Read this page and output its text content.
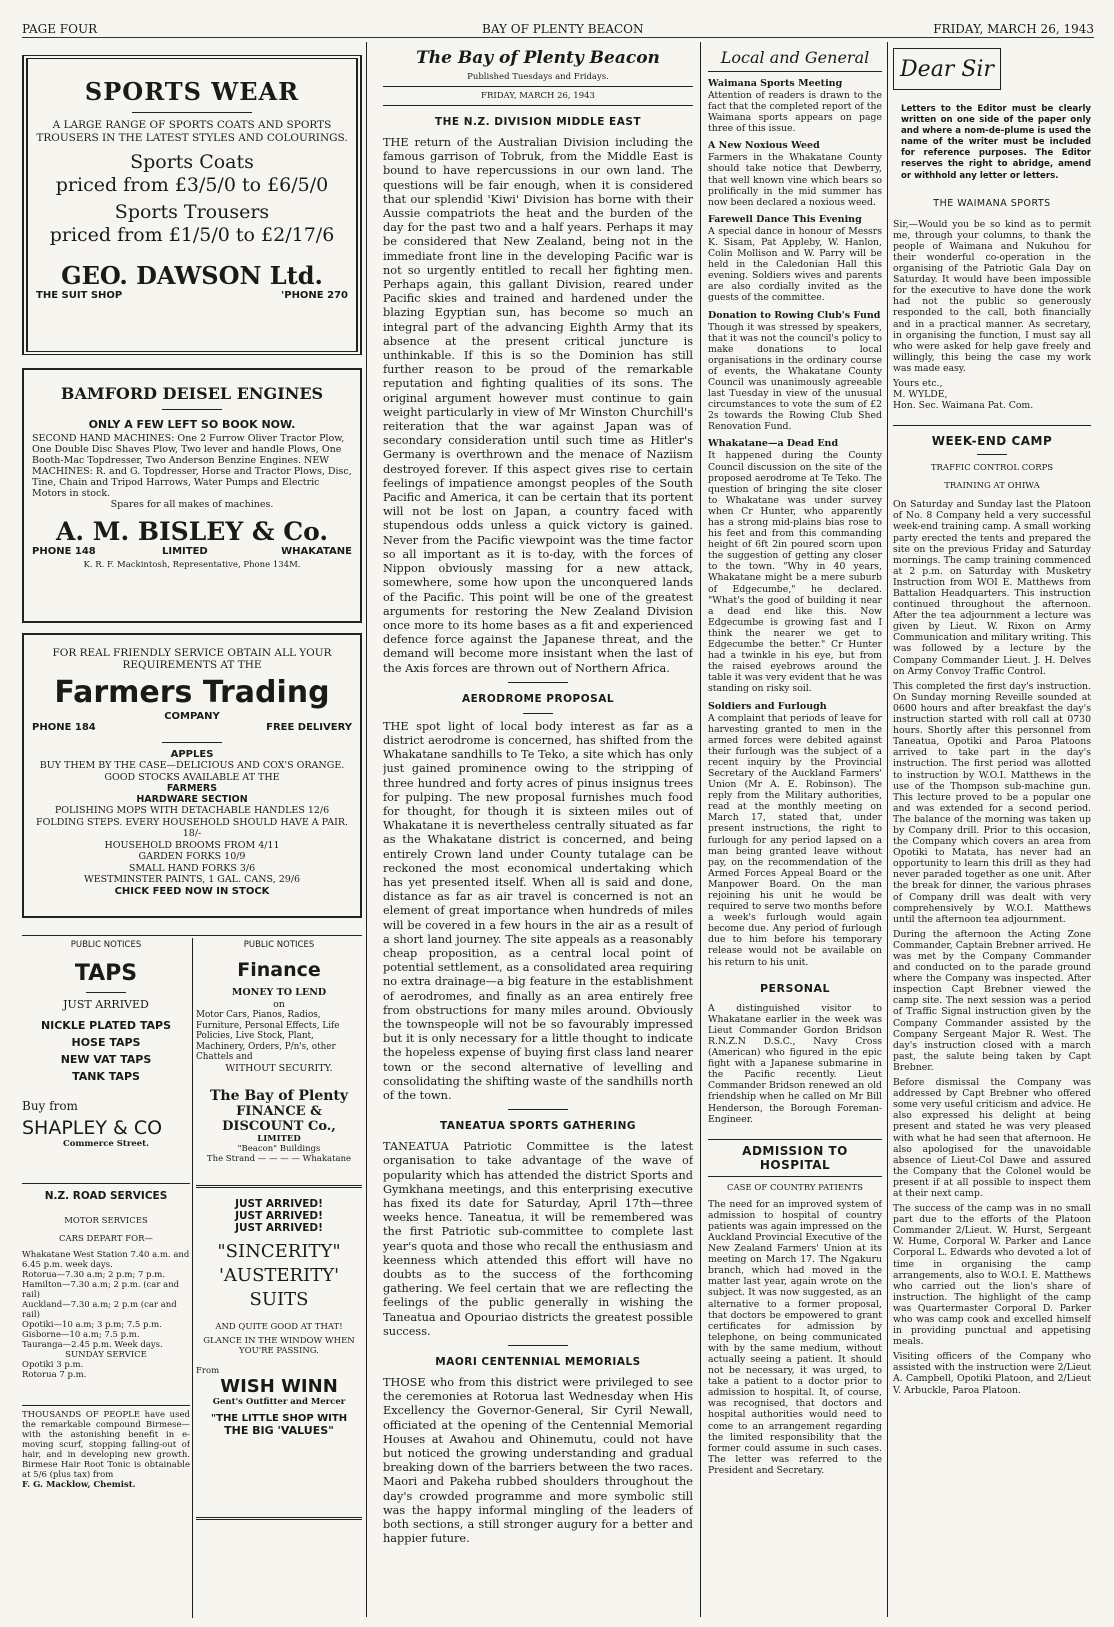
PAGE FOUR	BAY OF PLENTY BEACON	FRIDAY, MARCH 26, 1943
SPORTS WEAR
A LARGE RANGE OF SPORTS COATS AND SPORTS TROUSERS IN THE LATEST STYLES AND COLOURINGS.
Sports Coats
priced from £3/5/0 to £6/5/0
Sports Trousers
priced from £1/5/0 to £2/17/6
GEO. DAWSON Ltd.
THE SUIT SHOP	'PHONE 270
BAMFORD DEISEL ENGINES
ONLY A FEW LEFT SO BOOK NOW.
SECOND HAND MACHINES: One 2 Furrow Oliver Tractor Plow, One Double Disc Shaves Plow, Two lever and handle Plows, One Booth-Mac Topdresser, Two Anderson Benzine Engines. NEW MACHINES: R. and G. Topdresser, Horse and Tractor Plows, Disc, Tine, Chain and Tripod Harrows, Water Pumps and Electric Motors in stock.
Spares for all makes of machines.
A. M. BISLEY & Co.
PHONE 148	LIMITED	WHAKATANE
K. R. F. Mackintosh, Representative, Phone 134M.
FOR REAL FRIENDLY SERVICE OBTAIN ALL YOUR REQUIREMENTS AT THE
Farmers Trading
COMPANY
PHONE 184	FREE DELIVERY
APPLES
BUY THEM BY THE CASE—DELICIOUS AND COX'S ORANGE. GOOD STOCKS AVAILABLE AT THE
FARMERS
HARDWARE SECTION
POLISHING MOPS WITH DETACHABLE HANDLES 12/6
FOLDING STEPS. EVERY HOUSEHOLD SHOULD HAVE A PAIR. 18/-
HOUSEHOLD BROOMS FROM 4/11
GARDEN FORKS 10/9
SMALL HAND FORKS 3/6
WESTMINSTER PAINTS, 1 GAL. CANS, 29/6
CHICK FEED NOW IN STOCK
PUBLIC NOTICES	PUBLIC NOTICES
TAPS
JUST ARRIVED
NICKLE PLATED TAPS
HOSE TAPS
NEW VAT TAPS
TANK TAPS
Buy from
SHAPLEY & CO
Commerce Street.
Finance
MONEY TO LEND
on
Motor Cars, Pianos, Radios, Furniture, Personal Effects, Life Policies, Live Stock, Plant, Machinery, Orders, P/n's, other Chattels and
WITHOUT SECURITY.
The Bay of Plenty
FINANCE & DISCOUNT Co.,
LIMITED
"Beacon" Buildings
The Strand — — — — Whakatane
N.Z. ROAD SERVICES
MOTOR SERVICES
CARS DEPART FOR—
Whakatane West Station 7.40 a.m. and 6.45 p.m. week days.
Rotorua—7.30 a.m; 2 p.m; 7 p.m.
Hamilton—7.30 a.m; 2 p.m. (car and rail)
Auckland—7.30 a.m; 2 p.m (car and rail)
Opotiki—10 a.m; 3 p.m; 7.5 p.m.
Gisborne—10 a.m; 7.5 p.m.
Tauranga—2.45 p.m. Week days.
SUNDAY SERVICE
Opotiki 3 p.m.
Rotorua 7 p.m.
THOUSANDS OF PEOPLE have used the remarkable compound Birmese—with the astonishing benefit in e-moving scurf, stopping falling-out of hair, and in developing new growth. Birmese Hair Root Tonic is obtainable at 5/6 (plus tax) from
F. G. Macklow, Chemist.
JUST ARRIVED!
JUST ARRIVED!
JUST ARRIVED!
"SINCERITY"
'AUSTERITY'
SUITS
AND QUITE GOOD AT THAT!
GLANCE IN THE WINDOW WHEN YOU'RE PASSING.
From
WISH WINN
Gent's Outfitter and Mercer
"THE LITTLE SHOP WITH
THE BIG 'VALUES"
The Bay of Plenty Beacon
Published Tuesdays and Fridays.
FRIDAY, MARCH 26, 1943
THE N.Z. DIVISION MIDDLE EAST

THE return of the Australian Division including the famous garrison of Tobruk, from the Middle East is bound to have repercussions in our own land. The questions will be fair enough, when it is considered that our splendid 'Kiwi' Division has borne with their Aussie compatriots the heat and the burden of the day for the past two and a half years. Perhaps it may be considered that New Zealand, being not in the immediate front line in the developing Pacific war is not so urgently entitled to recall her fighting men. Perhaps again, this gallant Division, reared under Pacific skies and trained and hardened under the blazing Egyptian sun, has become so much an integral part of the advancing Eighth Army that its absence at the present critical juncture is unthinkable. If this is so the Dominion has still further reason to be proud of the remarkable reputation and fighting qualities of its sons. The original argument however must continue to gain weight particularly in view of Mr Winston Churchill's reiteration that the war against Japan was of secondary consideration until such time as Hitler's Germany is overthrown and the menace of Naziism destroyed forever. If this aspect gives rise to certain feelings of impatience amongst peoples of the South Pacific and America, it can be certain that its portent will not be lost on Japan, a country faced with stupendous odds unless a quick victory is gained. Never from the Pacific viewpoint was the time factor so all important as it is to-day, with the forces of Nippon obviously massing for a new attack, somewhere, some how upon the unconquered lands of the Pacific. This point will be one of the greatest arguments for restoring the New Zealand Division once more to its home bases as a fit and experienced defence force against the Japanese threat, and the demand will become more insistant when the last of the Axis forces are thrown out of Northern Africa.

AERODROME PROPOSAL

THE spot light of local body interest as far as a district aerodrome is concerned, has shifted from the Whakatane sandhills to Te Teko, a site which has only just gained prominence owing to the stripping of three hundred and forty acres of pinus insignus trees for pulping. The new proposal furnishes much food for thought, for though it is sixteen miles out of Whakatane it is nevertheless centrally situated as far as the Whakatane district is concerned, and being entirely Crown land under County tutalage can be reckoned the most economical undertaking which has yet presented itself. When all is said and done, distance as far as air travel is concerned is not an element of great importance when hundreds of miles will be covered in a few hours in the air as a result of a short land journey. The site appeals as a reasonably cheap proposition, as a central local point of potential settlement, as a consolidated area requiring no extra drainage—a big feature in the establishment of aerodromes, and finally as an area entirely free from obstructions for many miles around. Obviously the townspeople will not be so favourably impressed but it is only necessary for a little thought to indicate the hopeless expense of buying first class land nearer town or the second alternative of levelling and consolidating the shifting waste of the sandhills north of the town.

TANEATUA SPORTS GATHERING

TANEATUA Patriotic Committee is the latest organisation to take advantage of the wave of popularity which has attended the district Sports and Gymkhana meetings, and this enterprising executive has fixed its date for Saturday, April 17th—three weeks hence. Taneatua, it will be remembered was the first Patriotic sub-committee to complete last year's quota and those who recall the enthusiasm and keenness which attended this effort will have no doubts as to the success of the forthcoming gathering. We feel certain that we are reflecting the feelings of the public generally in wishing the Taneatua and Opouriao districts the greatest possible success.

MAORI CENTENNIAL MEMORIALS

THOSE who from this district were privileged to see the ceremonies at Rotorua last Wednesday when His Excellency the Governor-General, Sir Cyril Newall, officiated at the opening of the Centennial Memorial Houses at Awahou and Ohinemutu, could not have but noticed the growing understanding and gradual breaking down of the barriers between the two races. Maori and Pakeha rubbed shoulders throughout the day's crowded programme and more symbolic still was the happy informal mingling of the leaders of both sections, a still stronger augury for a better and happier future.

Local and General
Waimana Sports Meeting

Attention of readers is drawn to the fact that the completed report of the Waimana sports appears on page three of this issue.

A New Noxious Weed

Farmers in the Whakatane County should take notice that Dewberry, that well known vine which bears so prolifically in the mid summer has now been declared a noxious weed.

Farewell Dance This Evening

A special dance in honour of Messrs K. Sisam, Pat Appleby, W. Hanlon, Colin Mollison and W. Parry will be held in the Caledonian Hall this evening. Soldiers wives and parents are also cordially invited as the guests of the committee.

Donation to Rowing Club's Fund

Though it was stressed by speakers, that it was not the council's policy to make donations to local organisations in the ordinary course of events, the Whakatane County Council was unanimously agreeable last Tuesday in view of the unusual circumstances to vote the sum of £2 2s towards the Rowing Club Shed Renovation Fund.

Whakatane—a Dead End

It happened during the County Council discussion on the site of the proposed aerodrome at Te Teko. The question of bringing the site closer to Whakatane was under survey when Cr Hunter, who apparently has a strong mid-plains bias rose to his feet and from this commanding height of 6ft 2in poured scorn upon the suggestion of getting any closer to the town. "Why in 40 years, Whakatane might be a mere suburb of Edgecumbe," he declared. "What's the good of building it near a dead end like this. Now Edgecumbe is growing fast and I think the nearer we get to Edgecumbe the better." Cr Hunter had a twinkle in his eye, but from the raised eyebrows around the table it was very evident that he was standing on risky soil.

Soldiers and Furlough

A complaint that periods of leave for harvesting granted to men in the armed forces were debited against their furlough was the subject of a recent inquiry by the Provincial Secretary of the Auckland Farmers' Union (Mr A. E. Robinson). The reply from the Military authorities, read at the monthly meeting on March 17, stated that, under present instructions, the right to furlough for any period lapsed on a man being granted leave without pay, on the recommendation of the Armed Forces Appeal Board or the Manpower Board. On the man rejoining his unit he would be required to serve two months before a week's furlough would again become due. Any period of furlough due to him before his temporary release would not be available on his return to his unit.

PERSONAL

A distinguished visitor to Whakatane earlier in the week was Lieut Commander Gordon Bridson R.N.Z.N D.S.C., Navy Cross (American) who figured in the epic fight with a Japanese submarine in the Pacific recently. Lieut Commander Bridson renewed an old friendship when he called on Mr Bill Henderson, the Borough Foreman-Engineer.

ADMISSION TO HOSPITAL
CASE OF COUNTRY PATIENTS

The need for an improved system of admission to hospital of country patients was again impressed on the Auckland Provincial Executive of the New Zealand Farmers' Union at its meeting on March 17. The Ngakuru branch, which had moved in the matter last year, again wrote on the subject. It was now suggested, as an alternative to a former proposal, that doctors be empowered to grant certificates for admission by telephone, on being communicated with by the same medium, without actually seeing a patient. It should not be necessary, it was urged, to take a patient to a doctor prior to admission to hospital. It, of course, was recognised, that doctors and hospital authorities would need to come to an arrangement regarding the limited responsibility that the former could assume in such cases. The letter was referred to the President and Secretary.

Dear Sir

Letters to the Editor must be clearly written on one side of the paper only and where a nom-de-plume is used the name of the writer must be included for reference purposes. The Editor reserves the right to abridge, amend or withhold any letter or letters.

THE WAIMANA SPORTS

Sir,—Would you be so kind as to permit me, through your columns, to thank the people of Waimana and Nukuhou for their wonderful co-operation in the organising of the Patriotic Gala Day on Saturday. It would have been impossible for the executive to have done the work had not the public so generously responded to the call, both financially and in a practical manner. As secretary, in organising the function, I must say all who were asked for help gave freely and willingly, this being the case my work was made easy.

Yours etc.,
M. WYLDE,
Hon. Sec. Waimana Pat. Com.
WEEK-END CAMP
TRAFFIC CONTROL CORPS
TRAINING AT OHIWA

On Saturday and Sunday last the Platoon of No. 8 Company held a very successful week-end training camp. A small working party erected the tents and prepared the site on the previous Friday and Saturday mornings. The camp training commenced at 2 p.m. on Saturday with Musketry Instruction from WOI E. Matthews from Battalion Headquarters. This instruction continued throughout the afternoon. After the tea adjournment a lecture was given by Lieut. W. Rixon on Army Communication and military writing. This was followed by a lecture by the Company Commander Lieut. J. H. Delves on Army Convoy Traffic Control.

This completed the first day's instruction. On Sunday morning Reveille sounded at 0600 hours and after breakfast the day's instruction started with roll call at 0730 hours. Shortly after this personnel from Taneatua, Opotiki and Paroa Platoons arrived to take part in the day's instruction. The first period was allotted to instruction by W.O.I. Matthews in the use of the Thompson sub-machine gun. This lecture proved to be a popular one and was extended for a second period. The balance of the morning was taken up by Company drill. Prior to this occasion, the Company which covers an area from Opotiki to Matata, has never had an opportunity to learn this drill as they had never paraded together as one unit. After the break for dinner, the various phrases of Company drill was dealt with very comprehensively by W.O.I. Matthews until the afternoon tea adjournment.

During the afternoon the Acting Zone Commander, Captain Brebner arrived. He was met by the Company Commander and conducted on to the parade ground where the Company was inspected. After inspection Capt Brebner viewed the camp site. The next session was a period of Traffic Signal instruction given by the Company Commander assisted by the Company Sergeant Major R. West. The day's instruction closed with a march past, the salute being taken by Capt Brebner.

Before dismissal the Company was addressed by Capt Brebner who offered some very useful criticism and advice. He also expressed his delight at being present and stated he was very pleased with what he had seen that afternoon. He also apologised for the unavoidable absence of Lieut-Col Dawe and assured the Company that the Colonel would be present if at all possible to inspect them at their next camp.

The success of the camp was in no small part due to the efforts of the Platoon Commander 2/Lieut. W. Hurst, Sergeant W. Hume, Corporal W. Parker and Lance Corporal L. Edwards who devoted a lot of time in organising the camp arrangements, also to W.O.I. E. Matthews who carried out the lion's share of instruction. The highlight of the camp was Quartermaster Corporal D. Parker who was camp cook and excelled himself in providing punctual and appetising meals.

Visiting officers of the Company who assisted with the instruction were 2/Lieut A. Campbell, Opotiki Platoon, and 2/Lieut V. Arbuckle, Paroa Platoon.
